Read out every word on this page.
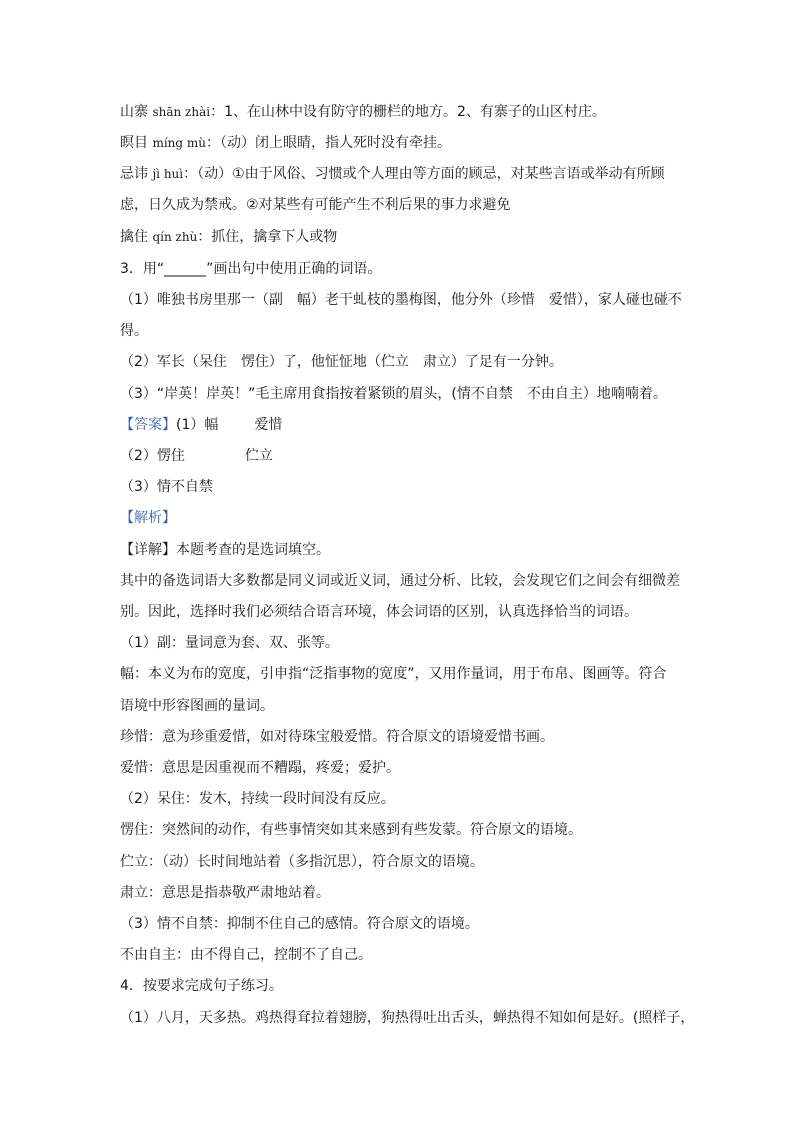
山寨 shān zhài：1、在山林中设有防守的栅栏的地方。2、有寨子的山区村庄。
瞑目 míng mù：（动）闭上眼睛，指人死时没有牵挂。
忌讳 jì huì：（动）①由于风俗、习惯或个人理由等方面的顾忌，对某些言语或举动有所顾
虑，日久成为禁戒。②对某些有可能产生不利后果的事力求避免
擒住 qín zhù：抓住，擒拿下人或物
3．用“______”画出句中使用正确的词语。
（1）唯独书房里那一（副　幅）老干虬枝的墨梅图，他分外（珍惜　爱惜），家人碰也碰不
得。
（2）军长（呆住　愣住）了，他怔怔地（伫立　肃立）了足有一分钟。
（3）“岸英！岸英！”毛主席用食指按着紧锁的眉头，(情不自禁　不由自主）地喃喃着。
【答案】(1）幅	爱惜
（2）愣住	伫立
（3）情不自禁
【解析】
【详解】本题考查的是选词填空。
其中的备选词语大多数都是同义词或近义词，通过分析、比较，会发现它们之间会有细微差
别。因此，选择时我们必须结合语言环境，体会词语的区别，认真选择恰当的词语。
（1）副：量词意为套、双、张等。
幅：本义为布的宽度，引申指“泛指事物的宽度”，又用作量词，用于布帛、图画等。符合
语境中形容图画的量词。
珍惜：意为珍重爱惜，如对待珠宝般爱惜。符合原文的语境爱惜书画。
爱惜：意思是因重视而不糟蹋，疼爱；爱护。
（2）呆住：发木，持续一段时间没有反应。
愣住：突然间的动作，有些事情突如其来感到有些发蒙。符合原文的语境。
伫立：（动）长时间地站着（多指沉思），符合原文的语境。
肃立：意思是指恭敬严肃地站着。
（3）情不自禁：抑制不住自己的感情。符合原文的语境。
不由自主：由不得自己，控制不了自己。
4．按要求完成句子练习。
（1）八月，天多热。鸡热得耷拉着翅膀，狗热得吐出舌头，蝉热得不知如何是好。(照样子，
